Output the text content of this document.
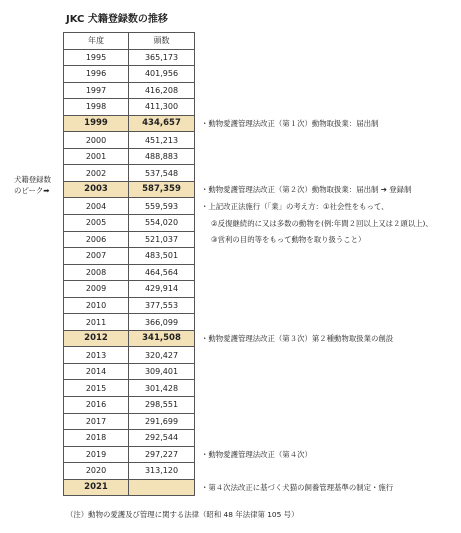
JKC 犬籍登録数の推移
年度	頭数
1995	365,173
1996	401,956
1997	416,208
1998	411,300
1999	434,657
2000	451,213
2001	488,883
2002	537,548
2003	587,359
2004	559,593
2005	554,020
2006	521,037
2007	483,501
2008	464,564
2009	429,914
2010	377,553
2011	366,099
2012	341,508
2013	320,427
2014	309,401
2015	301,428
2016	298,551
2017	291,699
2018	292,544
2019	297,227
2020	313,120
2021	
犬籍登録数
のピーク➡
・動物愛護管理法改正（第１次）動物取扱業：届出制
・動物愛護管理法改正（第２次）動物取扱業：届出制 ➔ 登録制
・上記改正法施行（「業」の考え方：①社会性をもって、
②反復継続的に又は多数の動物を(例:年間２回以上又は２頭以上)、
③営利の目的等をもって動物を取り扱うこと）
・動物愛護管理法改正（第３次）第２種動物取扱業の創設
・動物愛護管理法改正（第４次）
・第４次法改正に基づく犬猫の飼養管理基準の制定・施行
（注）動物の愛護及び管理に関する法律（昭和 48 年法律第 105 号）
